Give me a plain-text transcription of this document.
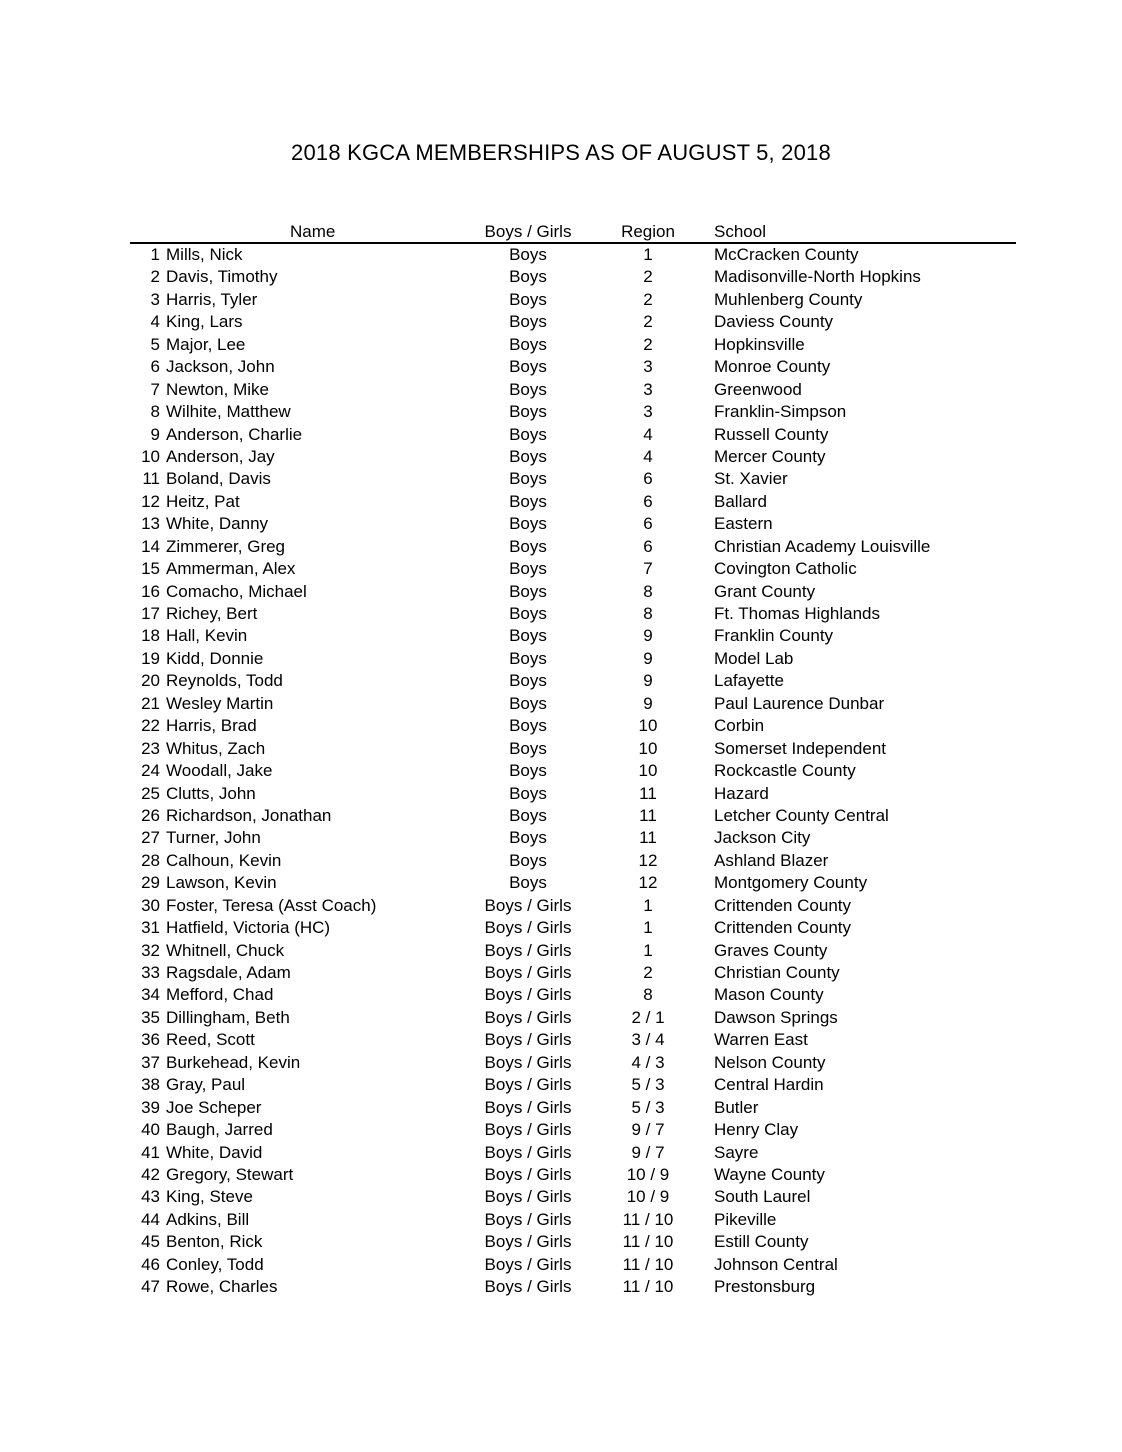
2018 KGCA MEMBERSHIPS AS OF AUGUST 5, 2018
Name	Boys / Girls	Region	School
1 Mills, Nick	Boys	1	McCracken County
2 Davis, Timothy	Boys	2	Madisonville-North Hopkins
3 Harris, Tyler	Boys	2	Muhlenberg County
4 King, Lars	Boys	2	Daviess County
5 Major, Lee	Boys	2	Hopkinsville
6 Jackson, John	Boys	3	Monroe County
7 Newton, Mike	Boys	3	Greenwood
8 Wilhite, Matthew	Boys	3	Franklin-Simpson
9 Anderson, Charlie	Boys	4	Russell County
10 Anderson, Jay	Boys	4	Mercer County
11 Boland, Davis	Boys	6	St. Xavier
12 Heitz, Pat	Boys	6	Ballard
13 White, Danny	Boys	6	Eastern
14 Zimmerer, Greg	Boys	6	Christian Academy Louisville
15 Ammerman, Alex	Boys	7	Covington Catholic
16 Comacho, Michael	Boys	8	Grant County
17 Richey, Bert	Boys	8	Ft. Thomas Highlands
18 Hall, Kevin	Boys	9	Franklin County
19 Kidd, Donnie	Boys	9	Model Lab
20 Reynolds, Todd	Boys	9	Lafayette
21 Wesley Martin	Boys	9	Paul Laurence Dunbar
22 Harris, Brad	Boys	10	Corbin
23 Whitus, Zach	Boys	10	Somerset Independent
24 Woodall, Jake	Boys	10	Rockcastle County
25 Clutts, John	Boys	11	Hazard
26 Richardson, Jonathan	Boys	11	Letcher County Central
27 Turner, John	Boys	11	Jackson City
28 Calhoun, Kevin	Boys	12	Ashland Blazer
29 Lawson, Kevin	Boys	12	Montgomery County
30 Foster, Teresa (Asst Coach)	Boys / Girls	1	Crittenden County
31 Hatfield, Victoria (HC)	Boys / Girls	1	Crittenden County
32 Whitnell, Chuck	Boys / Girls	1	Graves County
33 Ragsdale, Adam	Boys / Girls	2	Christian County
34 Mefford, Chad	Boys / Girls	8	Mason County
35 Dillingham, Beth	Boys / Girls	2 / 1	Dawson Springs
36 Reed, Scott	Boys / Girls	3 / 4	Warren East
37 Burkehead, Kevin	Boys / Girls	4 / 3	Nelson County
38 Gray, Paul	Boys / Girls	5 / 3	Central Hardin
39 Joe Scheper	Boys / Girls	5 / 3	Butler
40 Baugh, Jarred	Boys / Girls	9 / 7	Henry Clay
41 White, David	Boys / Girls	9 / 7	Sayre
42 Gregory, Stewart	Boys / Girls	10 / 9	Wayne County
43 King, Steve	Boys / Girls	10 / 9	South Laurel
44 Adkins, Bill	Boys / Girls	11 / 10	Pikeville
45 Benton, Rick	Boys / Girls	11 / 10	Estill County
46 Conley, Todd	Boys / Girls	11 / 10	Johnson Central
47 Rowe, Charles	Boys / Girls	11 / 10	Prestonsburg
